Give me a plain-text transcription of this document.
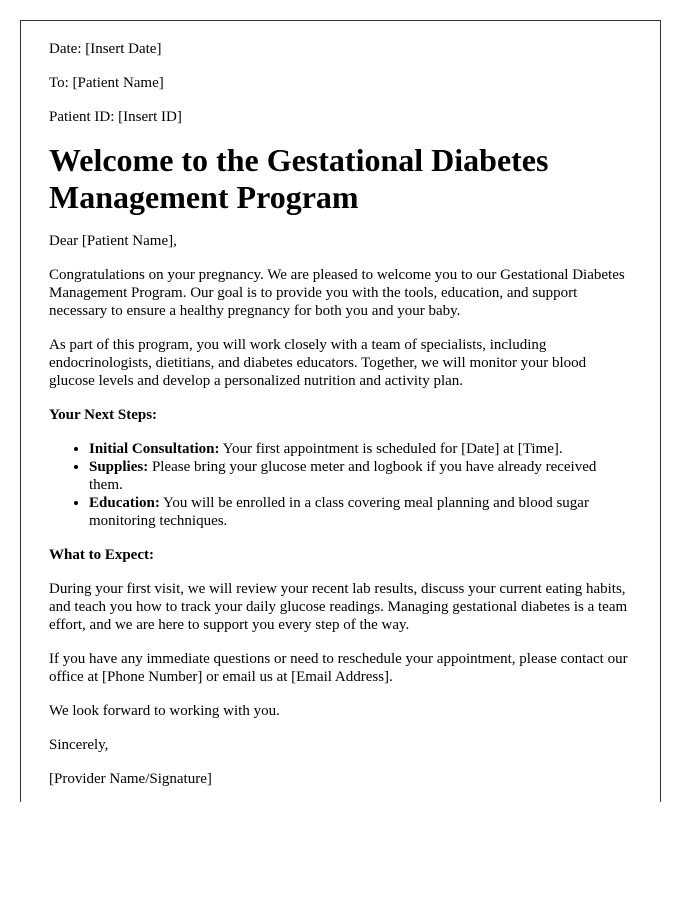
Date: [Insert Date]

To: [Patient Name]

Patient ID: [Insert ID]

Welcome to the Gestational Diabetes Management Program

Dear [Patient Name],

Congratulations on your pregnancy. We are pleased to welcome you to our Gestational Diabetes Management Program. Our goal is to provide you with the tools, education, and support necessary to ensure a healthy pregnancy for both you and your baby.

As part of this program, you will work closely with a team of specialists, including endocrinologists, dietitians, and diabetes educators. Together, we will monitor your blood glucose levels and develop a personalized nutrition and activity plan.

Your Next Steps:

• Initial Consultation: Your first appointment is scheduled for [Date] at [Time].
• Supplies: Please bring your glucose meter and logbook if you have already received them.
• Education: You will be enrolled in a class covering meal planning and blood sugar monitoring techniques.

What to Expect:

During your first visit, we will review your recent lab results, discuss your current eating habits, and teach you how to track your daily glucose readings. Managing gestational diabetes is a team effort, and we are here to support you every step of the way.

If you have any immediate questions or need to reschedule your appointment, please contact our office at [Phone Number] or email us at [Email Address].

We look forward to working with you.

Sincerely,

[Provider Name/Signature]
